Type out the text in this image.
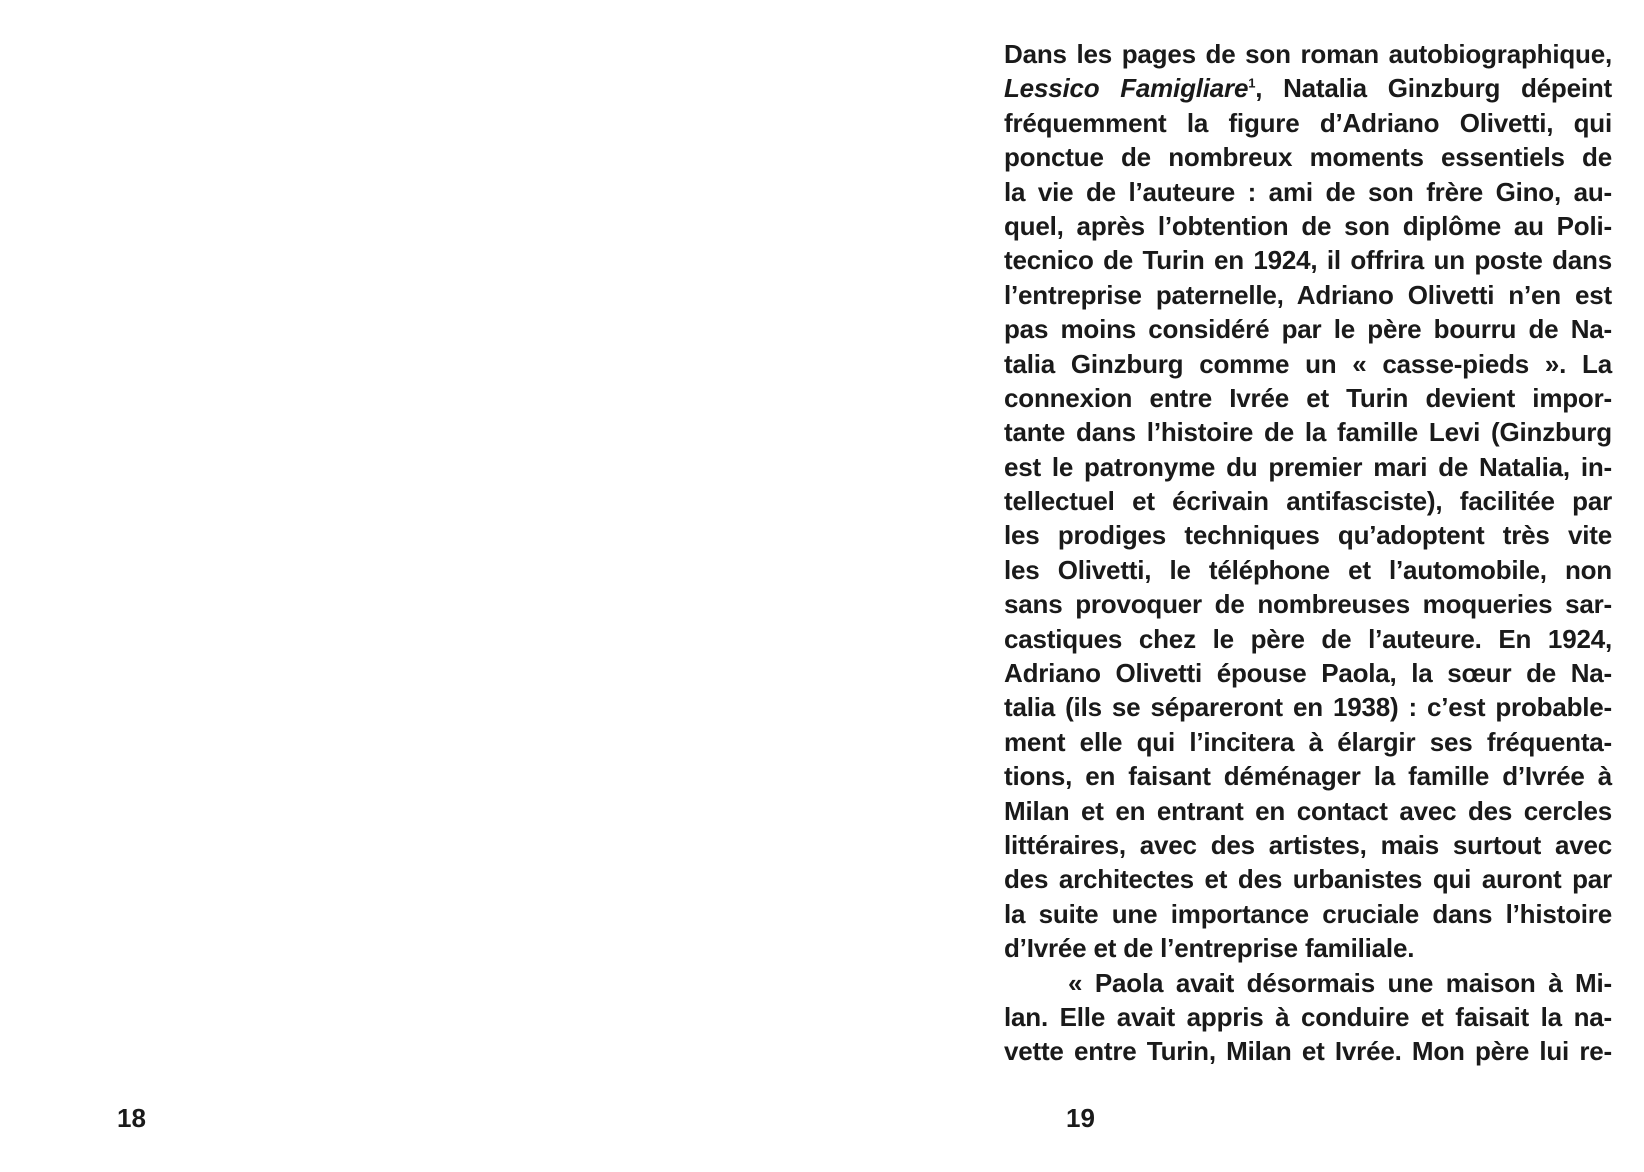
18
Dans les pages de son roman autobiographique,
Lessico Famigliare$^1$, Natalia Ginzburg dépeint
fréquemment la figure d’Adriano Olivetti, qui
ponctue de nombreux moments essentiels de
la vie de l’auteure : ami de son frère Gino, au-
quel, après l’obtention de son diplôme au Poli-
tecnico de Turin en 1924, il offrira un poste dans
l’entreprise paternelle, Adriano Olivetti n’en est
pas moins considéré par le père bourru de Na-
talia Ginzburg comme un « casse-pieds ». La
connexion entre Ivrée et Turin devient impor-
tante dans l’histoire de la famille Levi (Ginzburg
est le patronyme du premier mari de Natalia, in-
tellectuel et écrivain antifasciste), facilitée par
les prodiges techniques qu’adoptent très vite
les Olivetti, le téléphone et l’automobile, non
sans provoquer de nombreuses moqueries sar-
castiques chez le père de l’auteure. En 1924,
Adriano Olivetti épouse Paola, la sœur de Na-
talia (ils se sépareront en 1938) : c’est probable-
ment elle qui l’incitera à élargir ses fréquenta-
tions, en faisant déménager la famille d’Ivrée à
Milan et en entrant en contact avec des cercles
littéraires, avec des artistes, mais surtout avec
des architectes et des urbanistes qui auront par
la suite une importance cruciale dans l’histoire
d’Ivrée et de l’entreprise familiale.
« Paola avait désormais une maison à Mi-
lan. Elle avait appris à conduire et faisait la na-
vette entre Turin, Milan et Ivrée. Mon père lui re-
19
